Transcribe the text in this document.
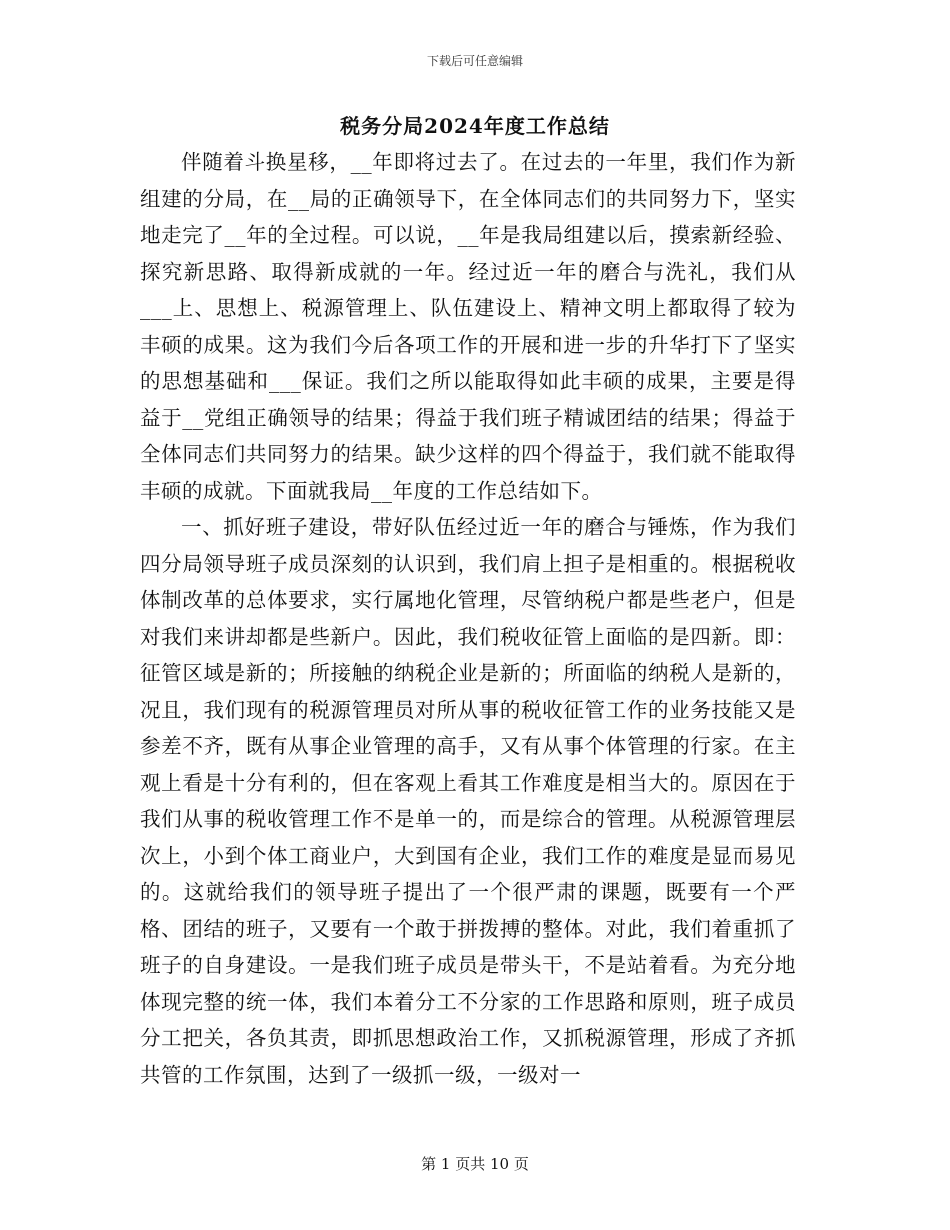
下载后可任意编辑
税务分局2024年度工作总结

伴随着斗换星移，__年即将过去了。在过去的一年里，我们作为新组建的分局，在__局的正确领导下，在全体同志们的共同努力下，坚实地走完了__年的全过程。可以说，__年是我局组建以后，摸索新经验、探究新思路、取得新成就的一年。经过近一年的磨合与洗礼，我们从___上、思想上、税源管理上、队伍建设上、精神文明上都取得了较为丰硕的成果。这为我们今后各项工作的开展和进一步的升华打下了坚实的思想基础和___保证。我们之所以能取得如此丰硕的成果，主要是得益于__党组正确领导的结果；得益于我们班子精诚团结的结果；得益于全体同志们共同努力的结果。缺少这样的四个得益于，我们就不能取得丰硕的成就。下面就我局__年度的工作总结如下。

一、抓好班子建设，带好队伍经过近一年的磨合与锤炼，作为我们四分局领导班子成员深刻的认识到，我们肩上担子是相重的。根据税收体制改革的总体要求，实行属地化管理，尽管纳税户都是些老户，但是对我们来讲却都是些新户。因此，我们税收征管上面临的是四新。即：征管区域是新的；所接触的纳税企业是新的；所面临的纳税人是新的，况且，我们现有的税源管理员对所从事的税收征管工作的业务技能又是参差不齐，既有从事企业管理的高手，又有从事个体管理的行家。在主观上看是十分有利的，但在客观上看其工作难度是相当大的。原因在于我们从事的税收管理工作不是单一的，而是综合的管理。从税源管理层次上，小到个体工商业户，大到国有企业，我们工作的难度是显而易见的。这就给我们的领导班子提出了一个很严肃的课题，既要有一个严格、团结的班子，又要有一个敢于拼拨搏的整体。对此，我们着重抓了班子的自身建设。一是我们班子成员是带头干，不是站着看。为充分地体现完整的统一体，我们本着分工不分家的工作思路和原则，班子成员分工把关，各负其责，即抓思想政治工作，又抓税源管理，形成了齐抓共管的工作氛围，达到了一级抓一级，一级对一

第 1 页共 10 页
